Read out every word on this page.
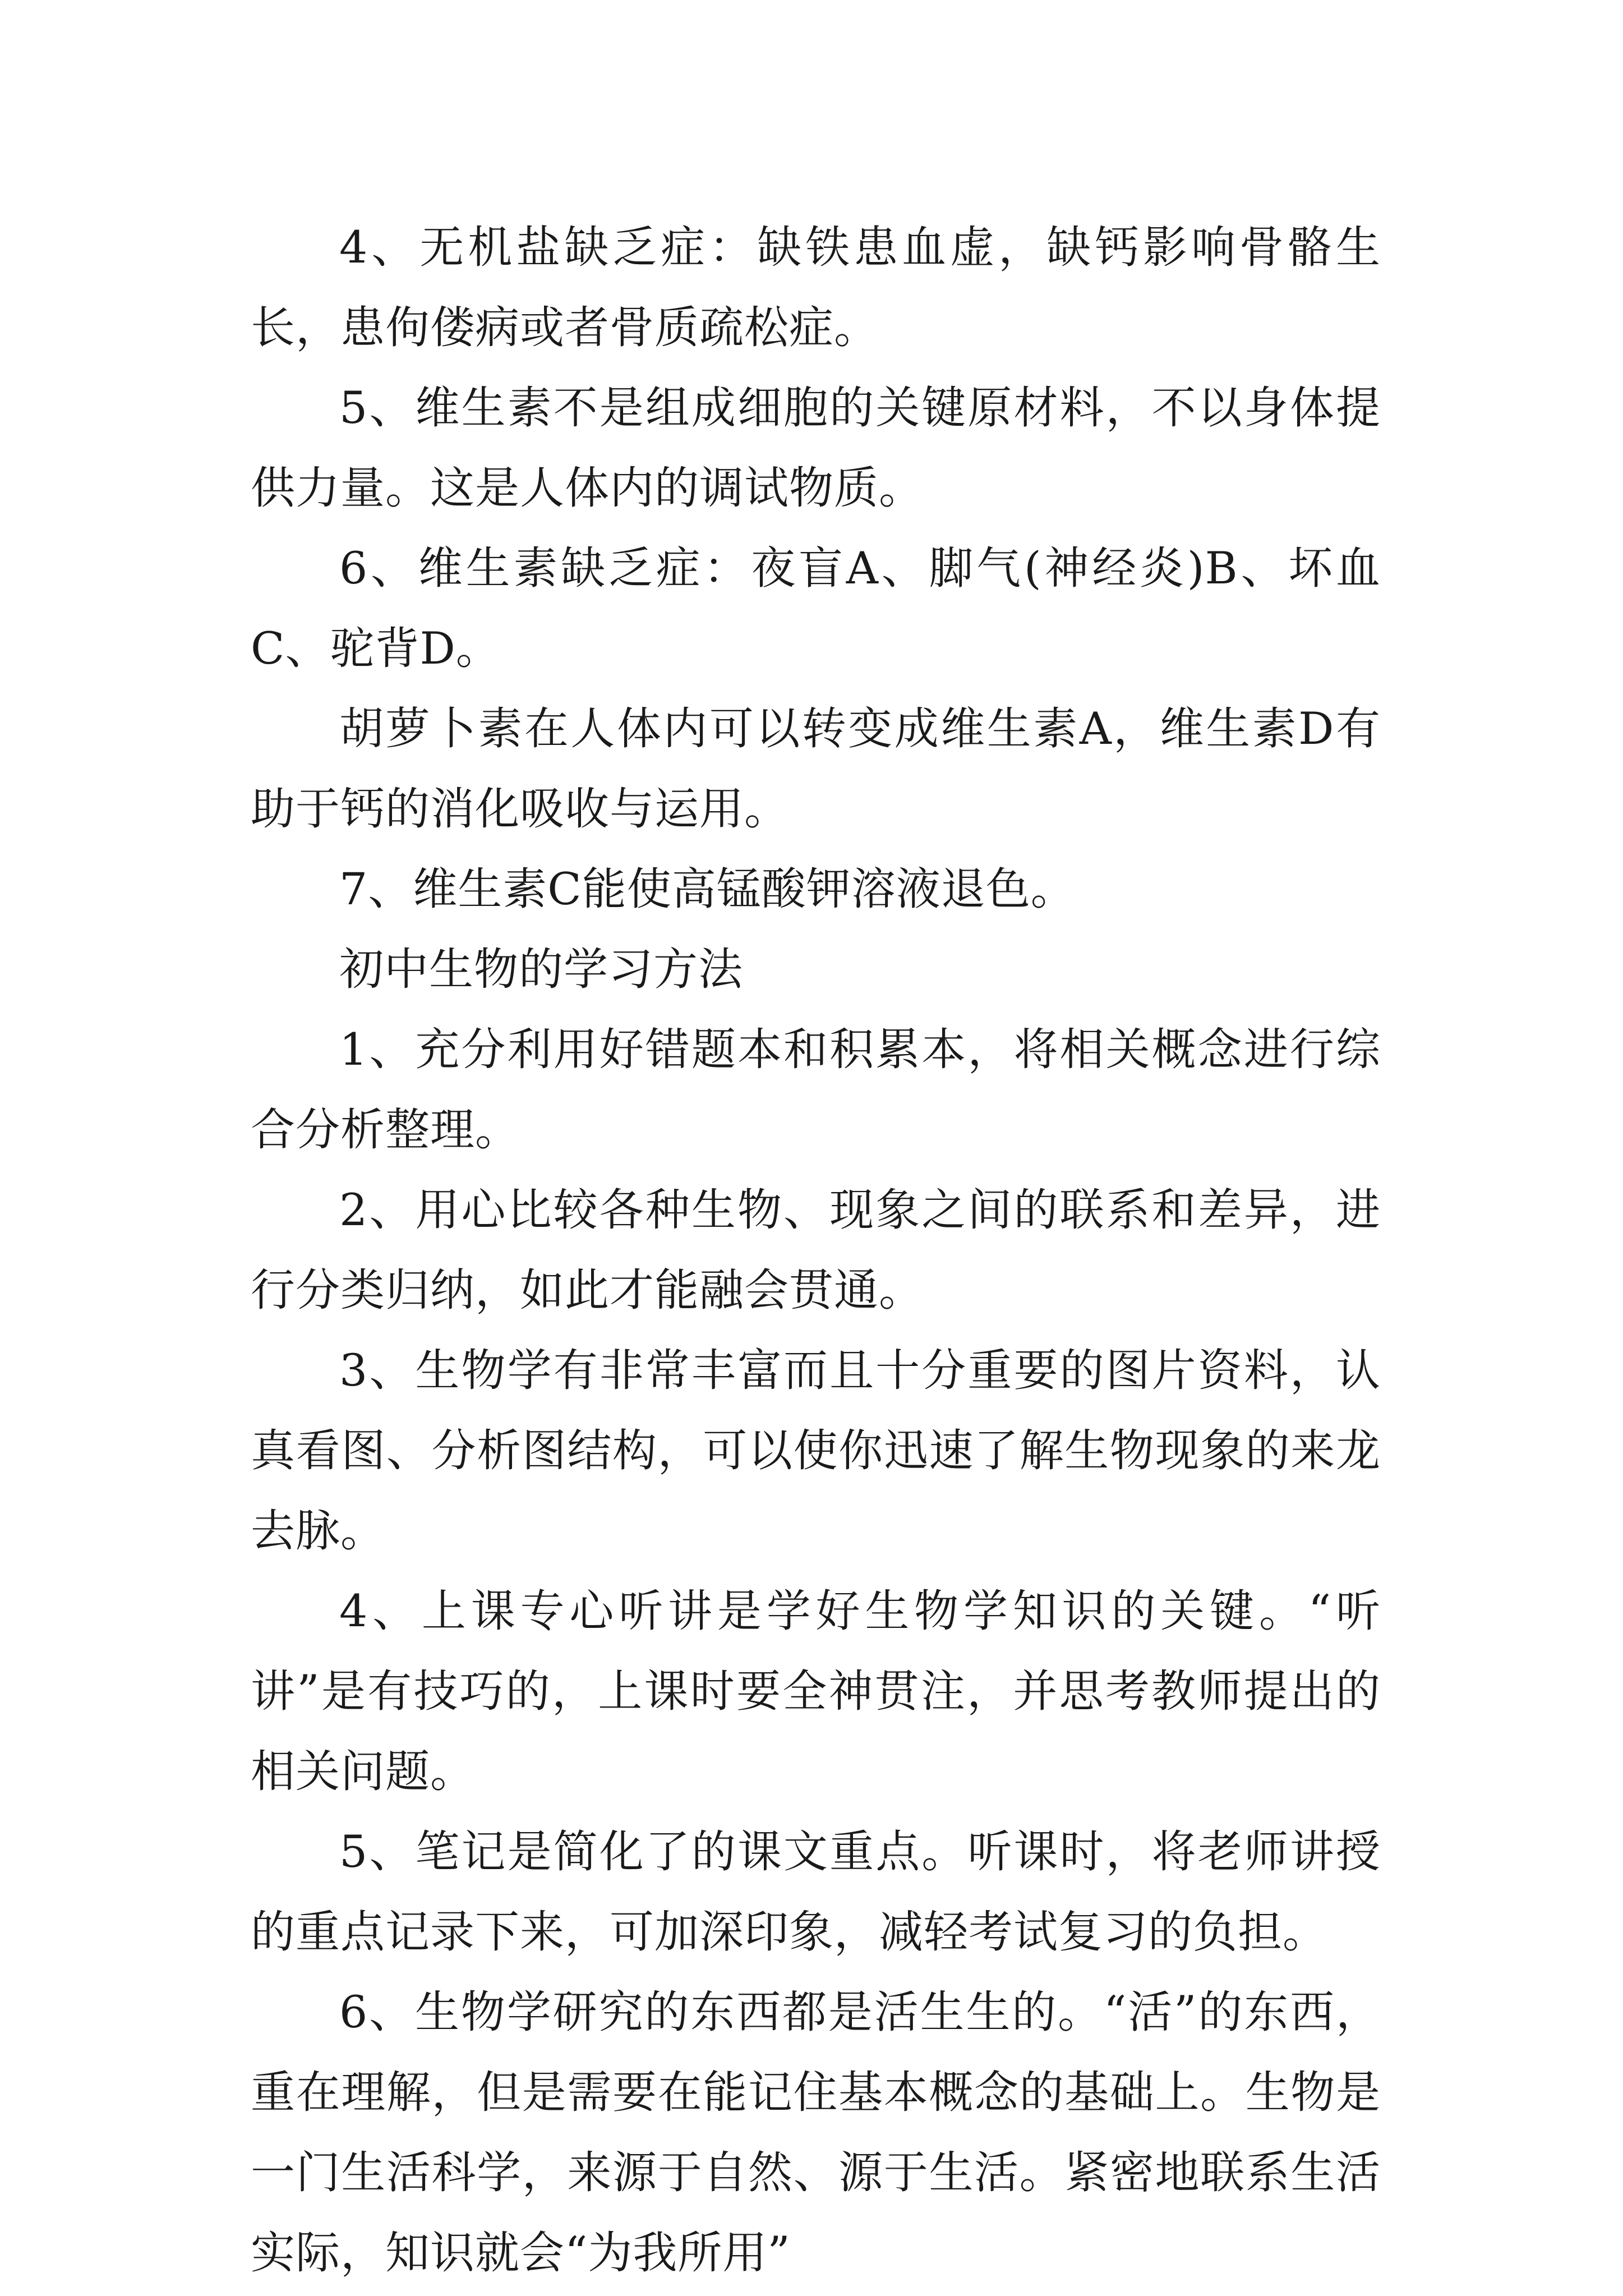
4、无机盐缺乏症：缺铁患血虚，缺钙影响骨骼生长，患佝偻病或者骨质疏松症。

5、维生素不是组成细胞的关键原材料，不以身体提供力量。这是人体内的调试物质。

6、维生素缺乏症：夜盲A、脚气(神经炎)B、坏血C、驼背D。

胡萝卜素在人体内可以转变成维生素A，维生素D有助于钙的消化吸收与运用。

7、维生素C能使高锰酸钾溶液退色。

初中生物的学习方法

1、充分利用好错题本和积累本，将相关概念进行综合分析整理。

2、用心比较各种生物、现象之间的联系和差异，进行分类归纳，如此才能融会贯通。

3、生物学有非常丰富而且十分重要的图片资料，认真看图、分析图结构，可以使你迅速了解生物现象的来龙去脉。

4、上课专心听讲是学好生物学知识的关键。“听讲”是有技巧的，上课时要全神贯注，并思考教师提出的相关问题。

5、笔记是简化了的课文重点。听课时，将老师讲授的重点记录下来，可加深印象，减轻考试复习的负担。

6、生物学研究的东西都是活生生的。“活”的东西，重在理解，但是需要在能记住基本概念的基础上。生物是一门生活科学，来源于自然、源于生活。紧密地联系生活实际，知识就会“为我所用”
